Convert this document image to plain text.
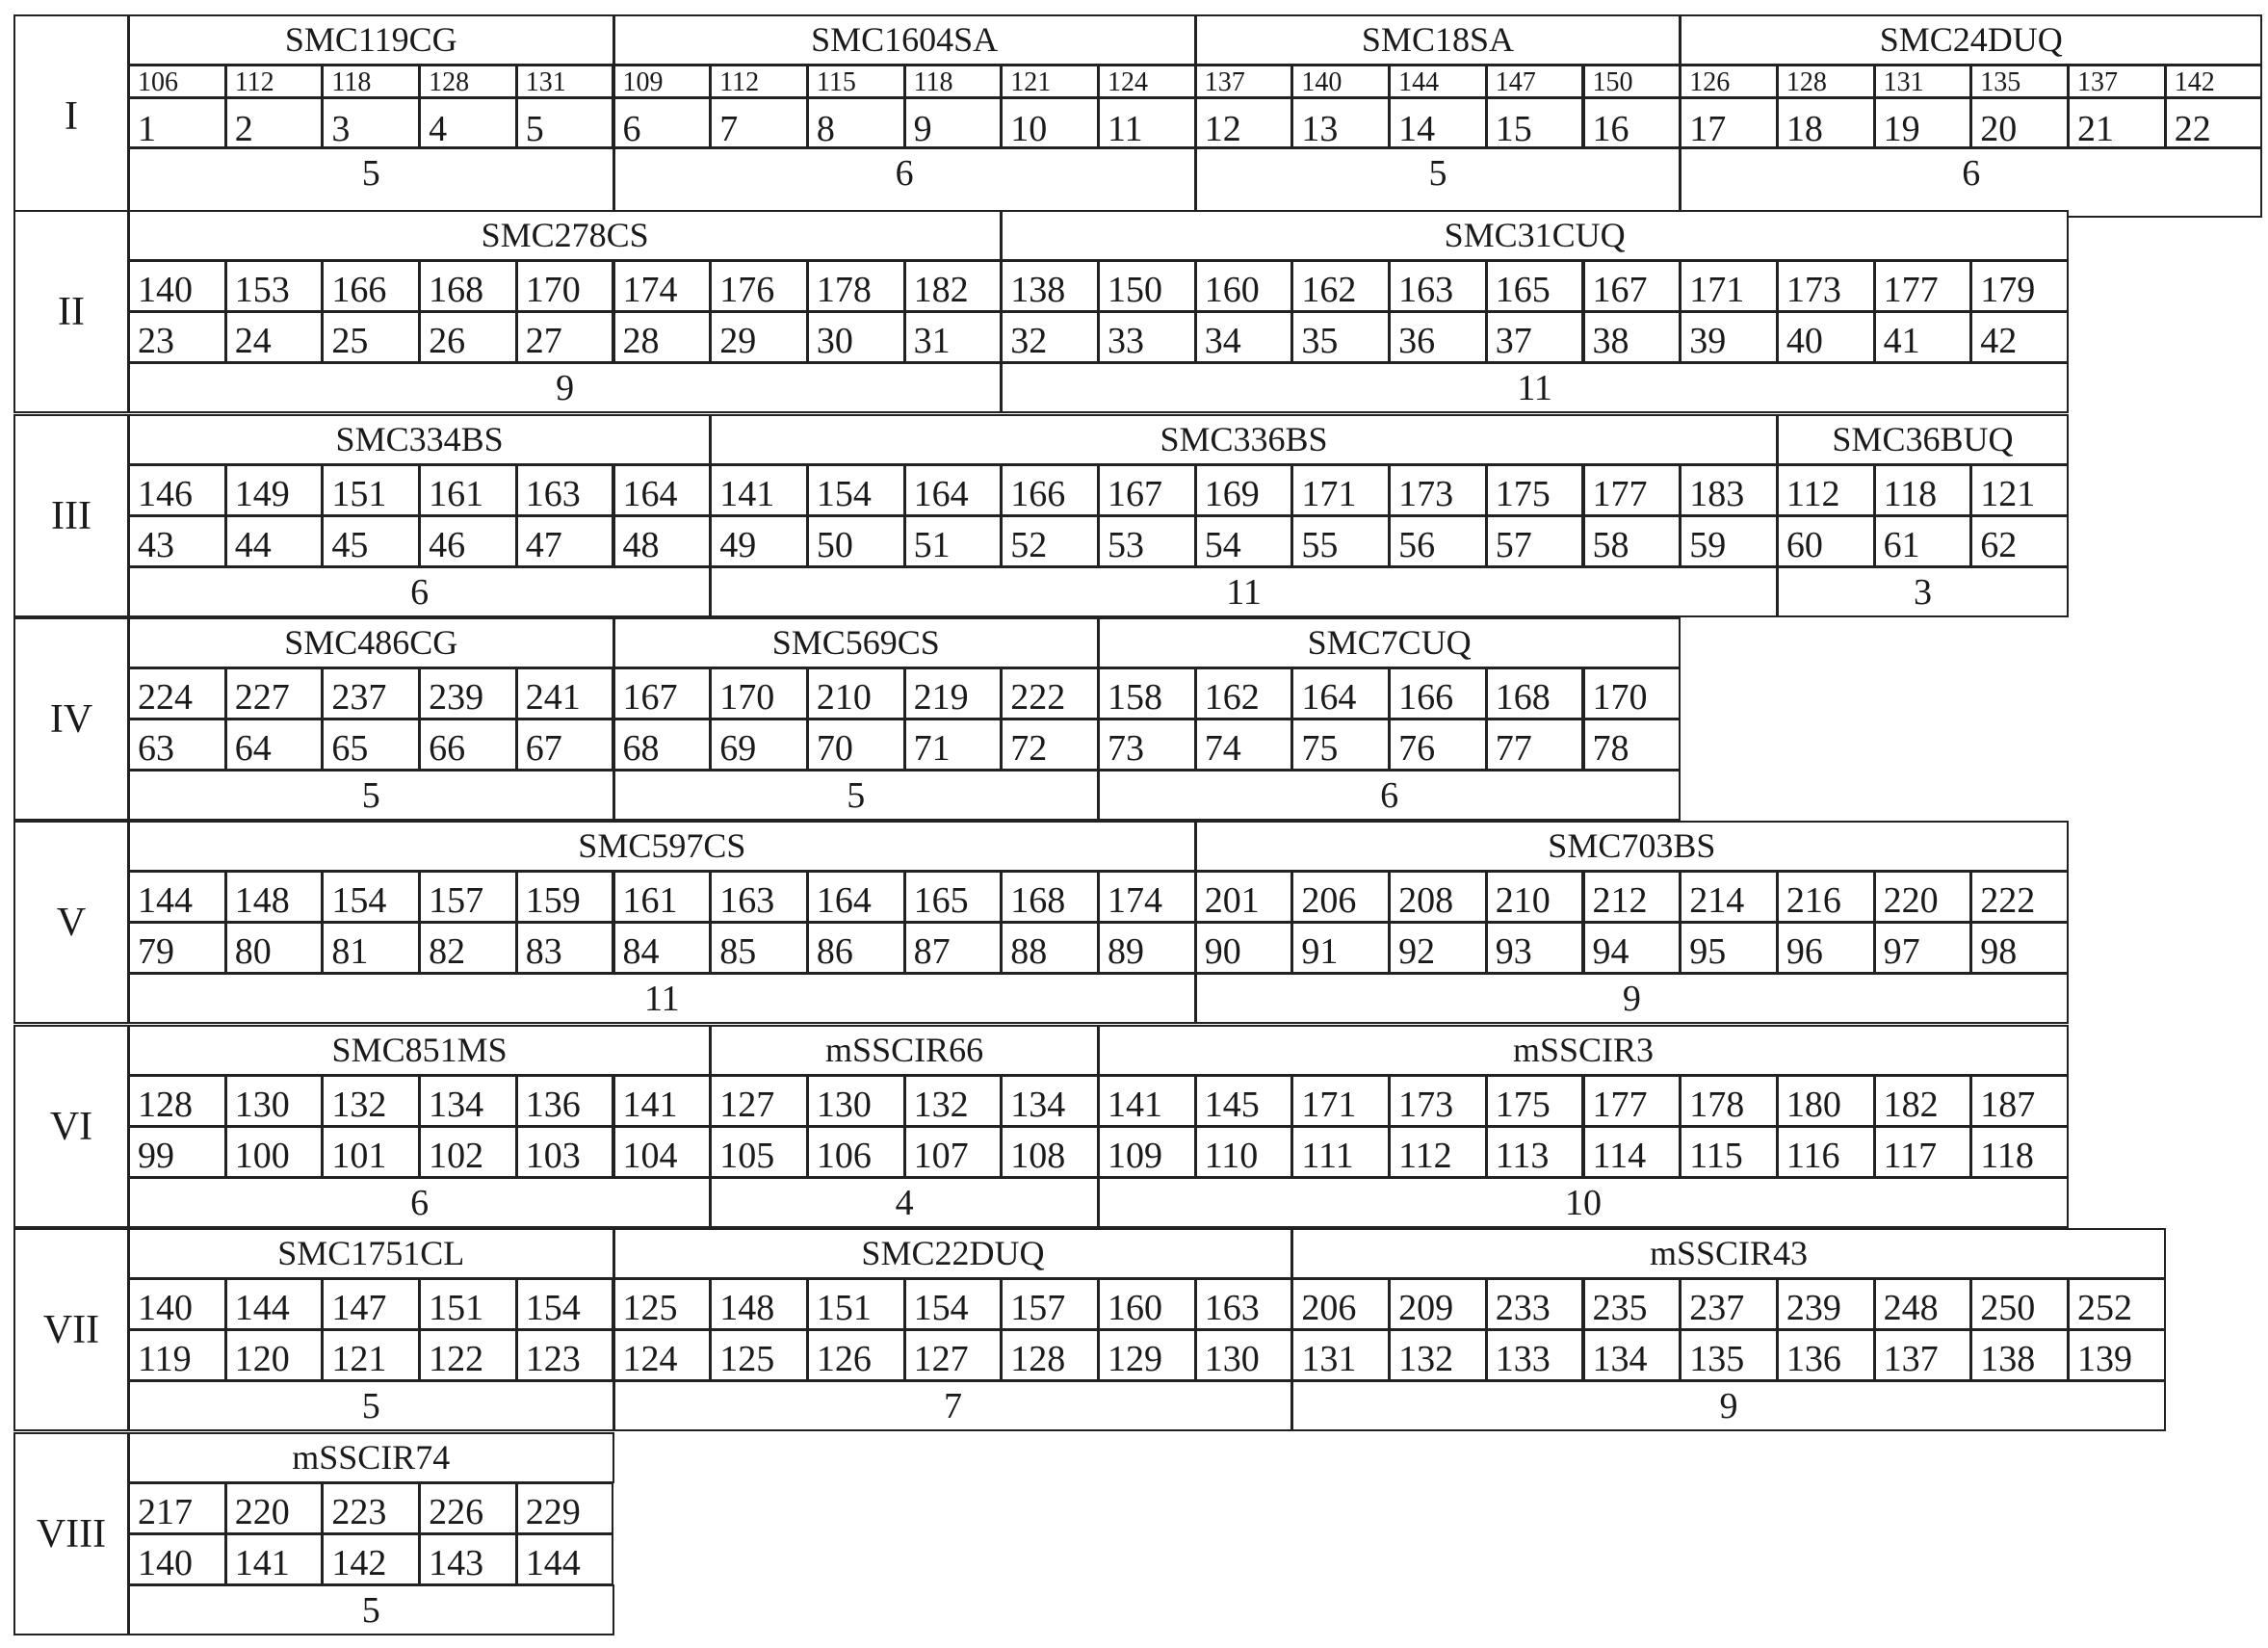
I
SMC119CG
106	112	118	128	131
1	2	3	4	5
5
SMC1604SA
109	112	115	118	121	124
6	7	8	9	10	11
6
SMC18SA
137	140	144	147	150
12	13	14	15	16
5
SMC24DUQ
126	128	131	135	137	142
17	18	19	20	21	22
6
II
SMC278CS
140	153	166	168	170	174	176	178	182
23	24	25	26	27	28	29	30	31
9
SMC31CUQ
138	150	160	162	163	165	167	171	173	177	179
32	33	34	35	36	37	38	39	40	41	42
11
III
SMC334BS
146	149	151	161	163	164
43	44	45	46	47	48
6
SMC336BS
141	154	164	166	167	169	171	173	175	177	183
49	50	51	52	53	54	55	56	57	58	59
11
SMC36BUQ
112	118	121
60	61	62
3
IV
SMC486CG
224	227	237	239	241
63	64	65	66	67
5
SMC569CS
167	170	210	219	222
68	69	70	71	72
5
SMC7CUQ
158	162	164	166	168	170
73	74	75	76	77	78
6
V
SMC597CS
144	148	154	157	159	161	163	164	165	168	174
79	80	81	82	83	84	85	86	87	88	89
11
SMC703BS
201	206	208	210	212	214	216	220	222
90	91	92	93	94	95	96	97	98
9
VI
SMC851MS
128	130	132	134	136	141
99	100	101	102	103	104
6
mSSCIR66
127	130	132	134
105	106	107	108
4
mSSCIR3
141	145	171	173	175	177	178	180	182	187
109	110	111	112	113	114	115	116	117	118
10
VII
SMC1751CL
140	144	147	151	154
119	120	121	122	123
5
SMC22DUQ
125	148	151	154	157	160	163
124	125	126	127	128	129	130
7
mSSCIR43
206	209	233	235	237	239	248	250	252
131	132	133	134	135	136	137	138	139
9
VIII
mSSCIR74
217	220	223	226	229
140	141	142	143	144
5
